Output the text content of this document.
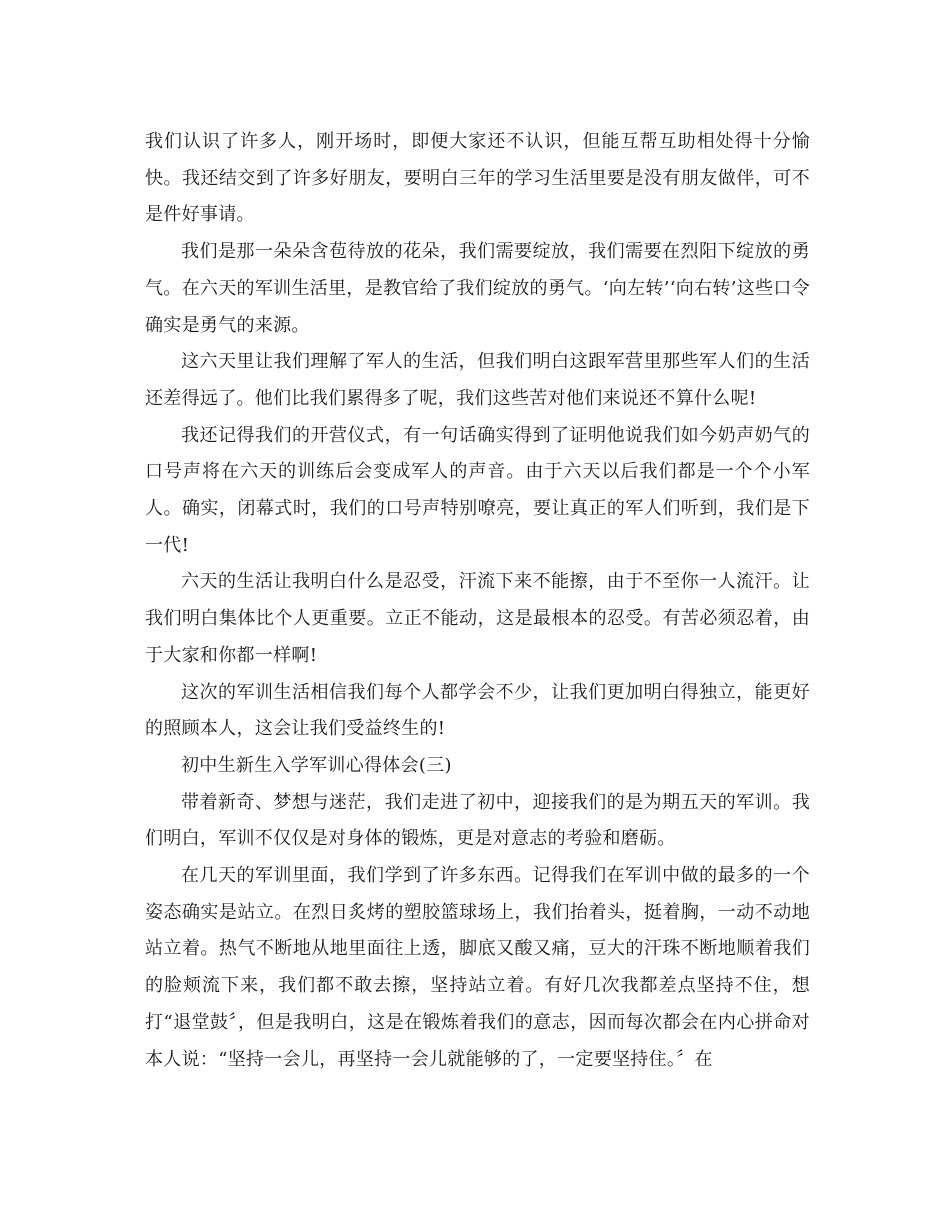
我们认识了许多人，刚开场时，即便大家还不认识，但能互帮互助相处得十分愉快。我还结交到了许多好朋友，要明白三年的学习生活里要是没有朋友做伴，可不是件好事请。

我们是那一朵朵含苞待放的花朵，我们需要绽放，我们需要在烈阳下绽放的勇气。在六天的军训生活里，是教官给了我们绽放的勇气。‘向左转’‘向右转’这些口令确实是勇气的来源。

这六天里让我们理解了军人的生活，但我们明白这跟军营里那些军人们的生活还差得远了。他们比我们累得多了呢，我们这些苦对他们来说还不算什么呢!

我还记得我们的开营仪式，有一句话确实得到了证明他说我们如今奶声奶气的口号声将在六天的训练后会变成军人的声音。由于六天以后我们都是一个个小军人。确实，闭幕式时，我们的口号声特别嘹亮，要让真正的军人们听到，我们是下一代!

六天的生活让我明白什么是忍受，汗流下来不能擦，由于不至你一人流汗。让我们明白集体比个人更重要。立正不能动，这是最根本的忍受。有苦必须忍着，由于大家和你都一样啊!

这次的军训生活相信我们每个人都学会不少，让我们更加明白得独立，能更好的照顾本人，这会让我们受益终生的!

初中生新生入学军训心得体会(三)

带着新奇、梦想与迷茫，我们走进了初中，迎接我们的是为期五天的军训。我们明白，军训不仅仅是对身体的锻炼，更是对意志的考验和磨砺。

在几天的军训里面，我们学到了许多东西。记得我们在军训中做的最多的一个姿态确实是站立。在烈日炙烤的塑胶篮球场上，我们抬着头，挺着胸，一动不动地站立着。热气不断地从地里面往上透，脚底又酸又痛，豆大的汗珠不断地顺着我们的脸颊流下来，我们都不敢去擦，坚持站立着。有好几次我都差点坚持不住，想打“退堂鼓〞，但是我明白，这是在锻炼着我们的意志，因而每次都会在内心拼命对本人说：“坚持一会儿，再坚持一会儿就能够的了，一定要坚持住。〞在
